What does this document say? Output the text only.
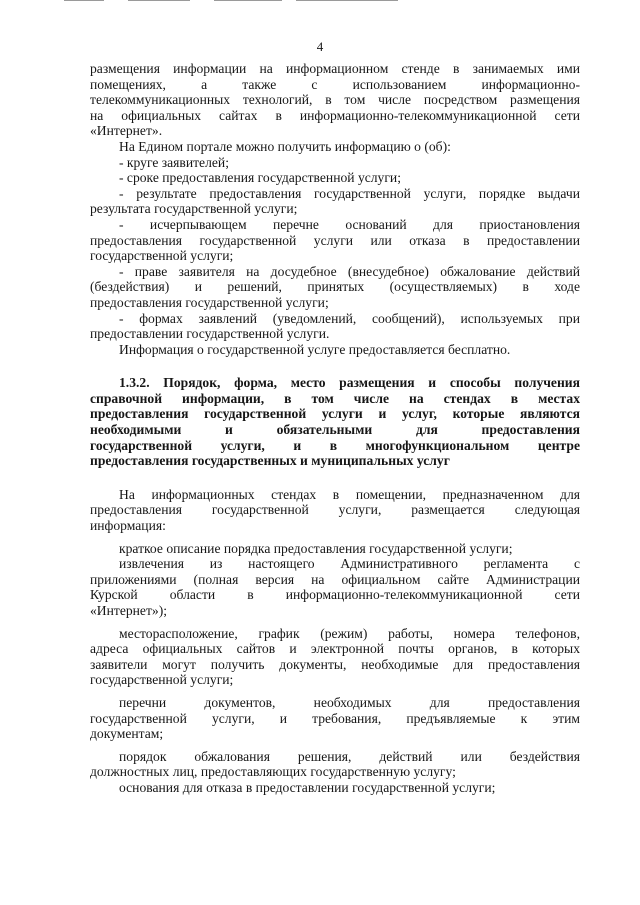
4

размещения информации на информационном стенде в занимаемых ими

помещениях, а также с использованием информационно-

телекоммуникационных технологий, в том числе посредством размещения

на официальных сайтах в информационно-телекоммуникационной сети

«Интернет».

На Едином портале можно получить информацию о (об):

- круге заявителей;

- сроке предоставления государственной услуги;

- результате предоставления государственной услуги, порядке выдачи

результата государственной услуги;

- исчерпывающем перечне оснований для приостановления

предоставления государственной услуги или отказа в предоставлении

государственной услуги;

- праве заявителя на досудебное (внесудебное) обжалование действий

(бездействия) и решений, принятых (осуществляемых) в ходе

предоставления государственной услуги;

- формах заявлений (уведомлений, сообщений), используемых при

предоставлении государственной услуги.

Информация о государственной услуге предоставляется бесплатно.

1.3.2. Порядок, форма, место размещения и способы получения
справочной информации, в том числе на стендах в местах
предоставления государственной услуги и услуг, которые являются
необходимыми и обязательными для предоставления
государственной услуги, и в многофункциональном центре

предоставления государственных и муниципальных услуг

На информационных стендах в помещении, предназначенном для

предоставления государственной услуги, размещается следующая

информация:

краткое описание порядка предоставления государственной услуги;

извлечения из настоящего Административного регламента с

приложениями (полная версия на официальном сайте Администрации

Курской области в информационно-телекоммуникационной сети

«Интернет»);

месторасположение, график (режим) работы, номера телефонов,

адреса официальных сайтов и электронной почты органов, в которых

заявители могут получить документы, необходимые для предоставления

государственной услуги;

перечни документов, необходимых для предоставления

государственной услуги, и требования, предъявляемые к этим

документам;

порядок обжалования решения, действий или бездействия

должностных лиц, предоставляющих государственную услугу;

основания для отказа в предоставлении государственной услуги;
